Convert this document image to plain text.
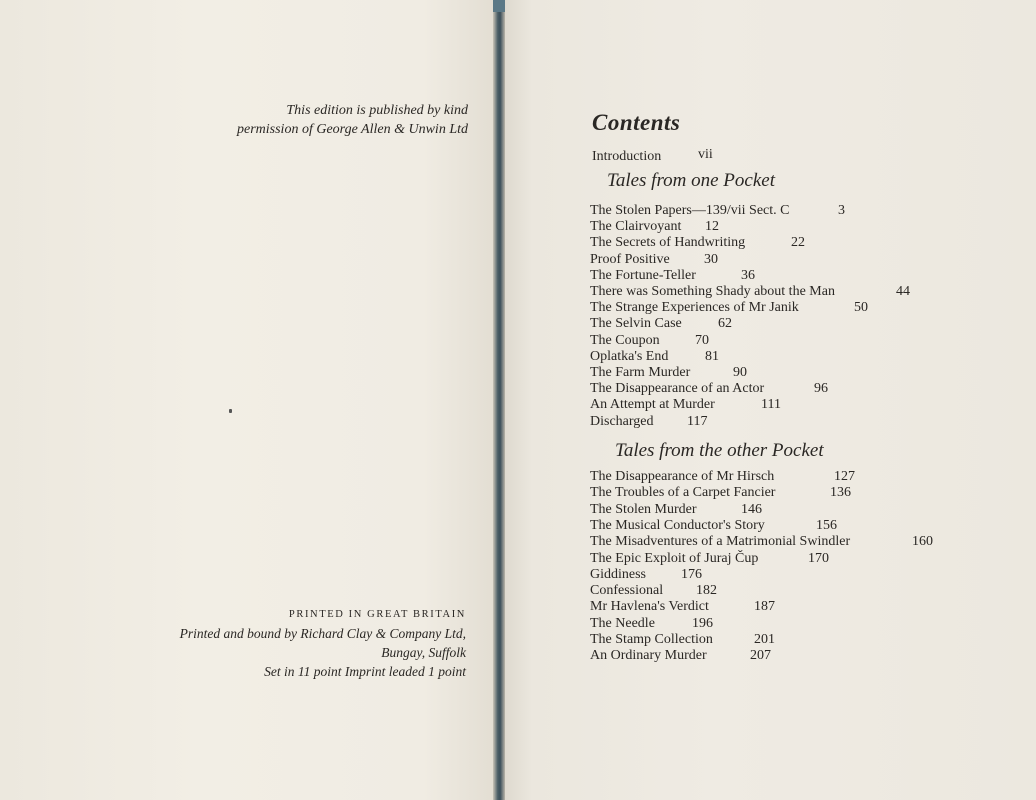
This edition is published by kind
permission of George Allen & Unwin Ltd
PRINTED IN GREAT BRITAIN
Printed and bound by Richard Clay & Company Ltd,
Bungay, Suffolk
Set in 11 point Imprint leaded 1 point
Contents
Introduction	vii
Tales from one Pocket
The Stolen Papers—139/vii Sect. C	3
The Clairvoyant 12
The Secrets of Handwriting	22
Proof Positive 30
The Fortune-Teller	36
There was Something Shady about the Man	44
The Strange Experiences of Mr Janik	50
The Selvin Case	62
The Coupon	70
Oplatka's End	81
The Farm Murder	90
The Disappearance of an Actor	96
An Attempt at Murder	111
Discharged 117
Tales from the other Pocket
The Disappearance of Mr Hirsch	127
The Troubles of a Carpet Fancier	136
The Stolen Murder	146
The Musical Conductor's Story	156
The Misadventures of a Matrimonial Swindler	160
The Epic Exploit of Juraj Čup	170
Giddiness	176
Confessional 182
Mr Havlena's Verdict	187
The Needle	196
The Stamp Collection	201
An Ordinary Murder	207
